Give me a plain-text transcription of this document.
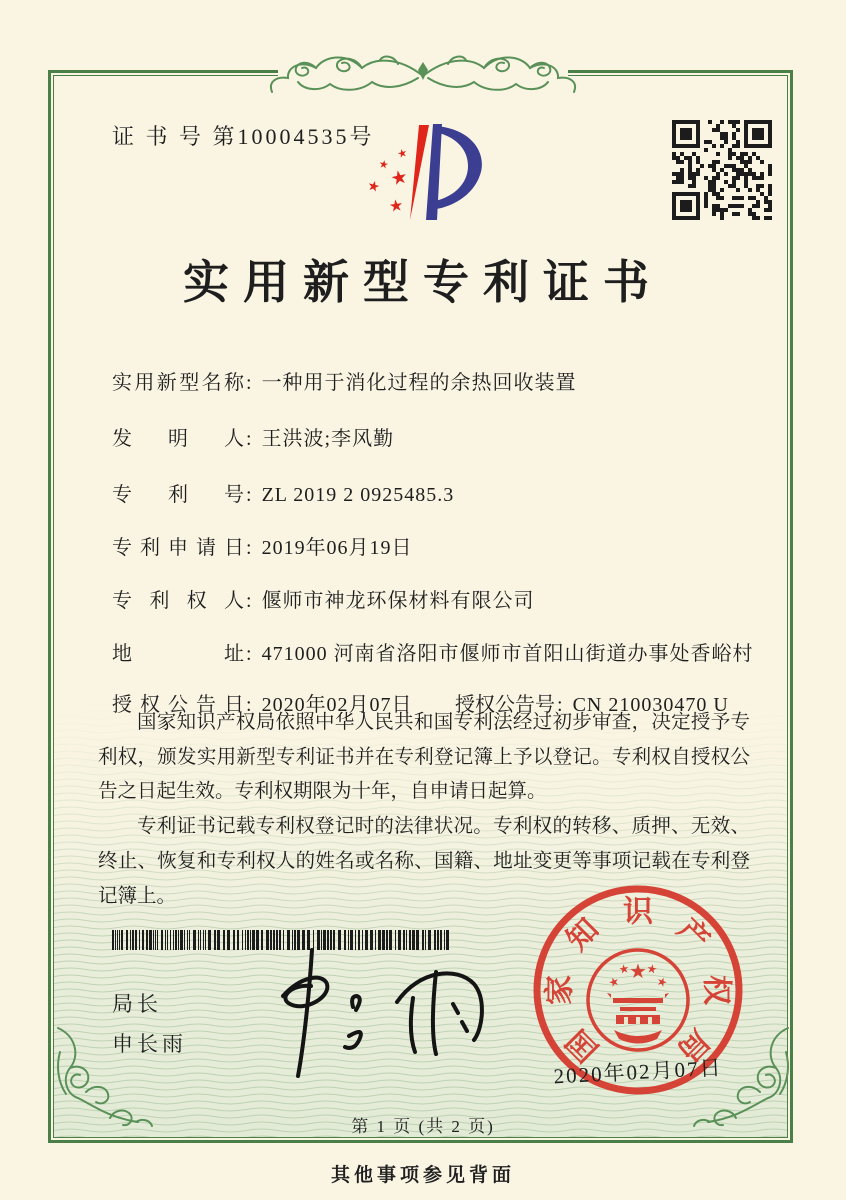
证 书 号 第10004535号
★
★
★
★
★
实用新型专利证书
实用新型名称 : 一种用于消化过程的余热回收装置
发明人 : 王洪波;李风勤
专利号 : ZL 2019 2 0925485.3
专利申请日 : 2019年06月19日
专利权人 : 偃师市神龙环保材料有限公司
地址 : 471000 河南省洛阳市偃师市首阳山街道办事处香峪村
授权公告日 : 2020年02月07日 授权公告号 : CN 210030470 U

国家知识产权局依照中华人民共和国专利法经过初步审查，决定授予专利权，颁发实用新型专利证书并在专利登记簿上予以登记。专利权自授权公告之日起生效。专利权期限为十年，自申请日起算。

专利证书记载专利权登记时的法律状况。专利权的转移、质押、无效、终止、恢复和专利权人的姓名或名称、国籍、地址变更等事项记载在专利登记簿上。

局长
申长雨
★
★
★ ★
★
国
家
知
识
产
权
局
2020年02月07日
第 1 页 (共 2 页)
其他事项参见背面
